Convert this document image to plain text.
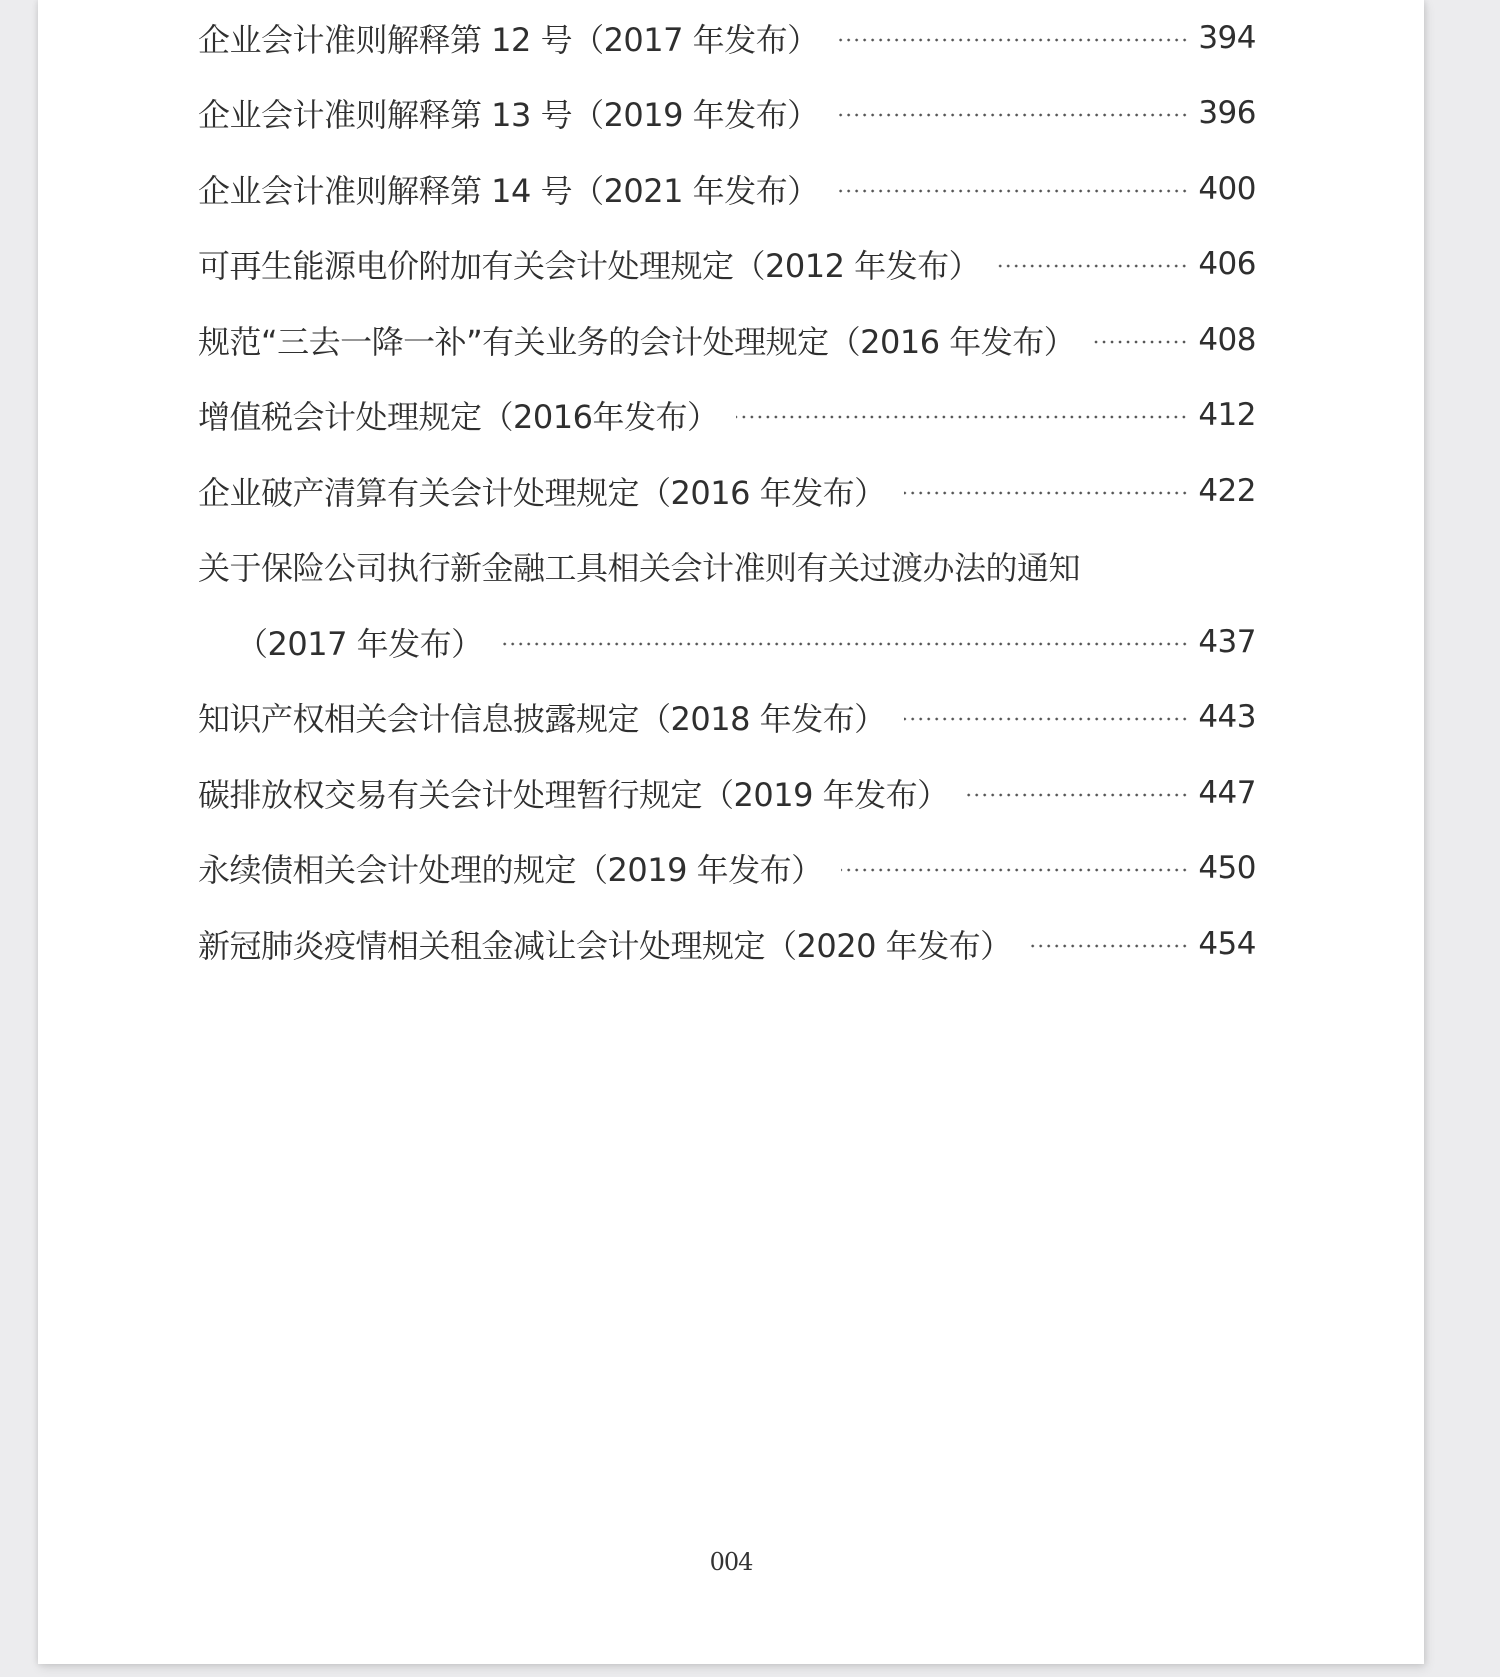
企业会计准则解释第 12 号（2017 年发布）	394
企业会计准则解释第 13 号（2019 年发布）	396
企业会计准则解释第 14 号（2021 年发布）	400
可再生能源电价附加有关会计处理规定（2012 年发布）	406
规范“三去一降一补”有关业务的会计处理规定（2016 年发布）	408
增值税会计处理规定（2016年发布）	412
企业破产清算有关会计处理规定（2016 年发布）	422
关于保险公司执行新金融工具相关会计准则有关过渡办法的通知
（2017 年发布）	437
知识产权相关会计信息披露规定（2018 年发布）	443
碳排放权交易有关会计处理暂行规定（2019 年发布）	447
永续债相关会计处理的规定（2019 年发布）	450
新冠肺炎疫情相关租金减让会计处理规定（2020 年发布）	454
004
